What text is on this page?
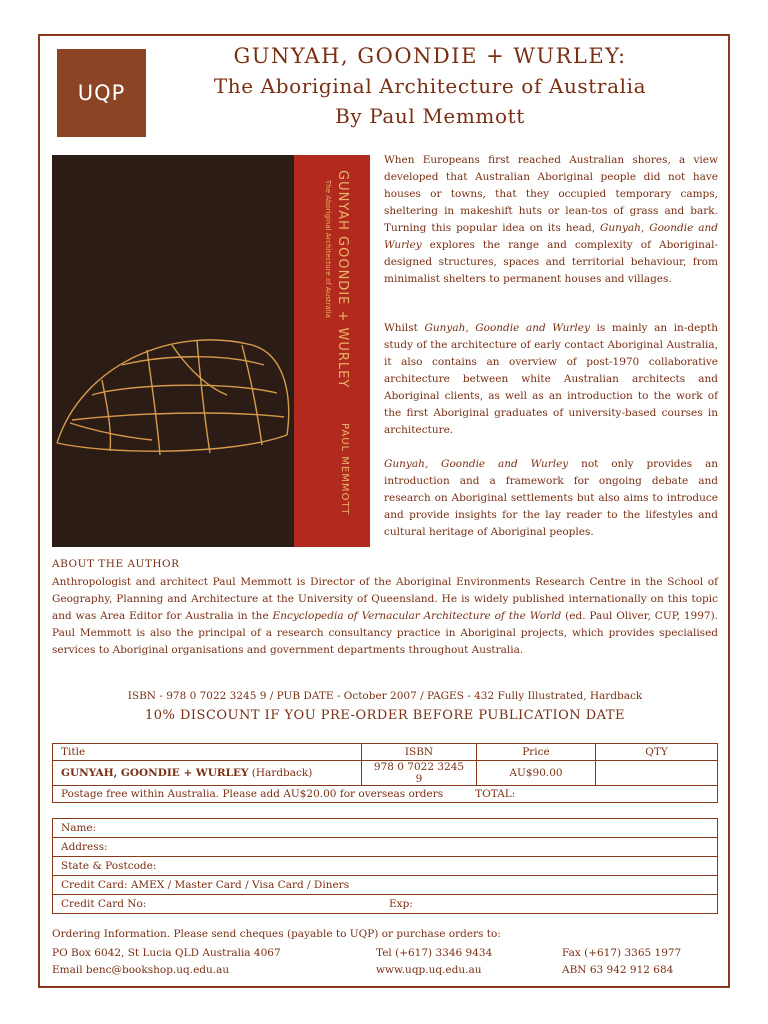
UQP
GUNYAH, GOONDIE + WURLEY:
The Aboriginal Architecture of Australia
By Paul Memmott
GUNYAH GOONDIE + WURLEY
The Aboriginal Architecture of Australia
PAUL MEMMOTT

When Europeans first reached Australian shores, a view developed that Australian Aboriginal people did not have houses or towns, that they occupied temporary camps, sheltering in makeshift huts or lean-tos of grass and bark. Turning this popular idea on its head, Gunyah, Goondie and Wurley explores the range and complexity of Aboriginal-designed structures, spaces and territorial behaviour, from minimalist shelters to permanent houses and villages.

Whilst Gunyah, Goondie and Wurley is mainly an in-depth study of the architecture of early contact Aboriginal Australia, it also contains an overview of post-1970 collaborative architecture between white Australian architects and Aboriginal clients, as well as an introduction to the work of the first Aboriginal graduates of university-based courses in architecture.

Gunyah, Goondie and Wurley not only provides an introduction and a framework for ongoing debate and research on Aboriginal settlements but also aims to introduce and provide insights for the lay reader to the lifestyles and cultural heritage of Aboriginal peoples.

ABOUT THE AUTHOR

Anthropologist and architect Paul Memmott is Director of the Aboriginal Environments Research Centre in the School of Geography, Planning and Architecture at the University of Queensland. He is widely published internationally on this topic and was Area Editor for Australia in the Encyclopedia of Vernacular Architecture of the World (ed. Paul Oliver, CUP, 1997). Paul Memmott is also the principal of a research consultancy practice in Aboriginal projects, which provides specialised services to Aboriginal organisations and government departments throughout Australia.

ISBN - 978 0 7022 3245 9 / PUB DATE - October 2007 / PAGES - 432 Fully Illustrated, Hardback
10% DISCOUNT IF YOU PRE-ORDER BEFORE PUBLICATION DATE
Title	ISBN	Price	QTY
GUNYAH, GOONDIE + WURLEY (Hardback)	978 0 7022 3245 9	AU$90.00	
Postage free within Australia. Please add AU$20.00 for overseas orders TOTAL:			
Name:
Address:
State & Postcode:
Credit Card: AMEX / Master Card / Visa Card / Diners
Credit Card No:	Exp:
Ordering Information. Please send cheques (payable to UQP) or purchase orders to:
PO Box 6042, St Lucia QLD Australia 4067	Tel (+617) 3346 9434	Fax (+617) 3365 1977
Email benc@bookshop.uq.edu.au	www.uqp.uq.edu.au	ABN 63 942 912 684
